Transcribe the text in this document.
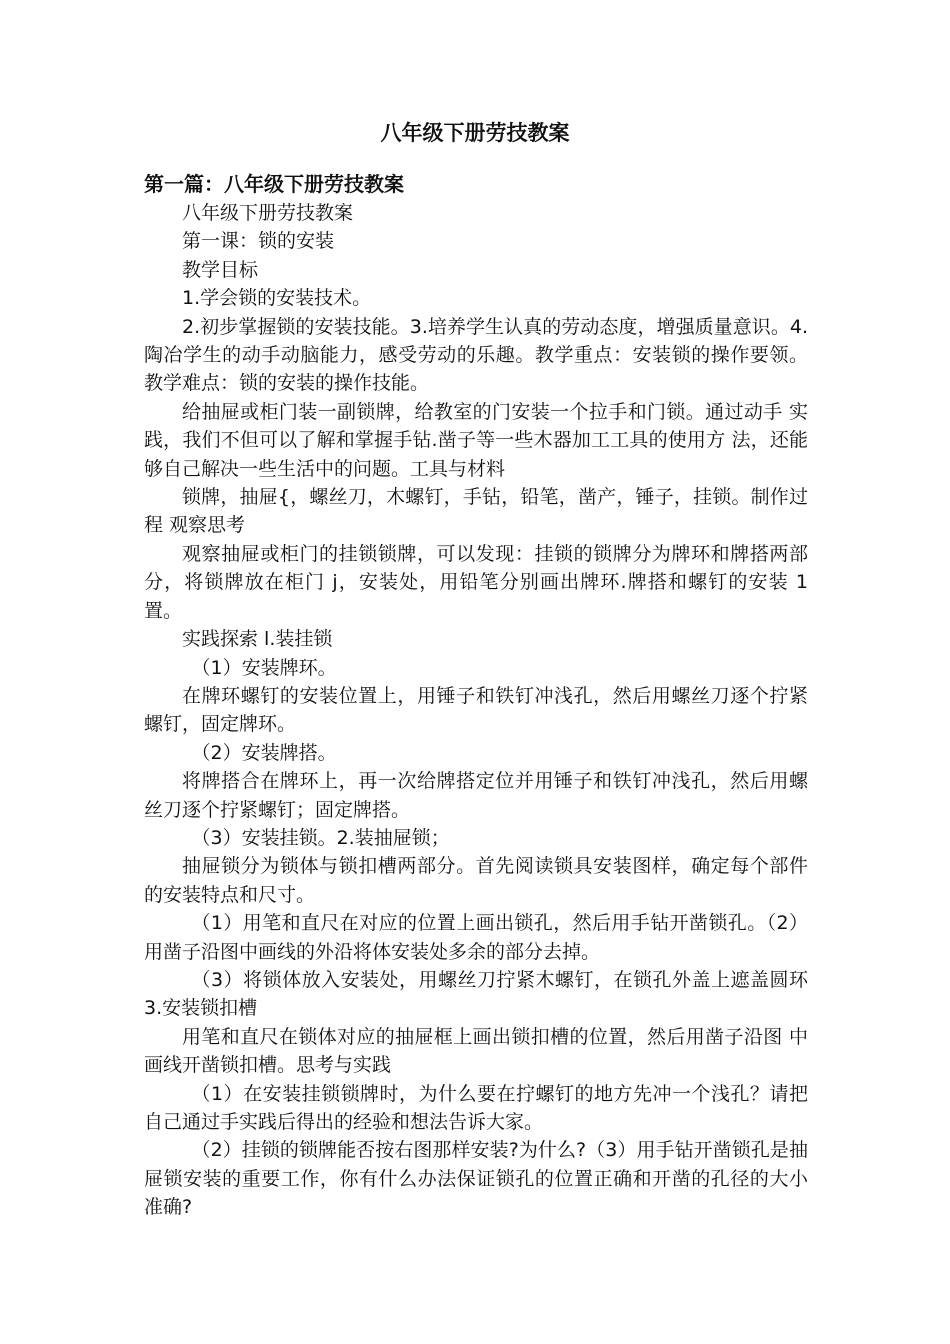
八年级下册劳技教案
第一篇：八年级下册劳技教案

八年级下册劳技教案

第一课：锁的安装

教学目标

1.学会锁的安装技术。

2.初步掌握锁的安装技能。3.培养学生认真的劳动态度，增强质量意识。4.陶冶学生的动手动脑能力，感受劳动的乐趣。教学重点：安装锁的操作要领。教学难点：锁的安装的操作技能。

给抽屉或柜门装一副锁牌，给教室的门安装一个拉手和门锁。通过动手 实践，我们不但可以了解和掌握手钻.凿子等一些木器加工工具的使用方 法，还能够自己解决一些生活中的问题。工具与材料

锁牌，抽屉{，螺丝刀，木螺钉，手钻，铅笔，凿产，锤子，挂锁。制作过程 观察思考

观察抽屉或柜门的挂锁锁牌，可以发现：挂锁的锁牌分为牌环和牌搭两部分，将锁牌放在柜门 j，安装处，用铅笔分别画出牌环.牌搭和螺钉的安装 1 置。

实践探索 l.装挂锁

（1）安装牌环。

在牌环螺钉的安装位置上，用锤子和铁钉冲浅孔，然后用螺丝刀逐个拧紧螺钉，固定牌环。

（2）安装牌搭。

将牌搭合在牌环上，再一次给牌搭定位并用锤子和铁钉冲浅孔，然后用螺丝刀逐个拧紧螺钉；固定牌搭。

（3）安装挂锁。2.装抽屉锁；

抽屉锁分为锁体与锁扣槽两部分。首先阅读锁具安装图样，确定每个部件的安装特点和尺寸。

（1）用笔和直尺在对应的位置上画出锁孔，然后用手钻开凿锁孔。（2）用凿子沿图中画线的外沿将体安装处多余的部分去掉。

（3）将锁体放入安装处，用螺丝刀拧紧木螺钉，在锁孔外盖上遮盖圆环 3.安装锁扣槽

用笔和直尺在锁体对应的抽屉框上画出锁扣槽的位置，然后用凿子沿图 中画线开凿锁扣槽。思考与实践

（1）在安装挂锁锁牌时，为什么要在拧螺钉的地方先冲一个浅孔？请把自己通过手实践后得出的经验和想法告诉大家。

（2）挂锁的锁牌能否按右图那样安装?为什么?（3）用手钻开凿锁孔是抽屉锁安装的重要工作，你有什么办法保证锁孔的位置正确和开凿的孔径的大小准确?
